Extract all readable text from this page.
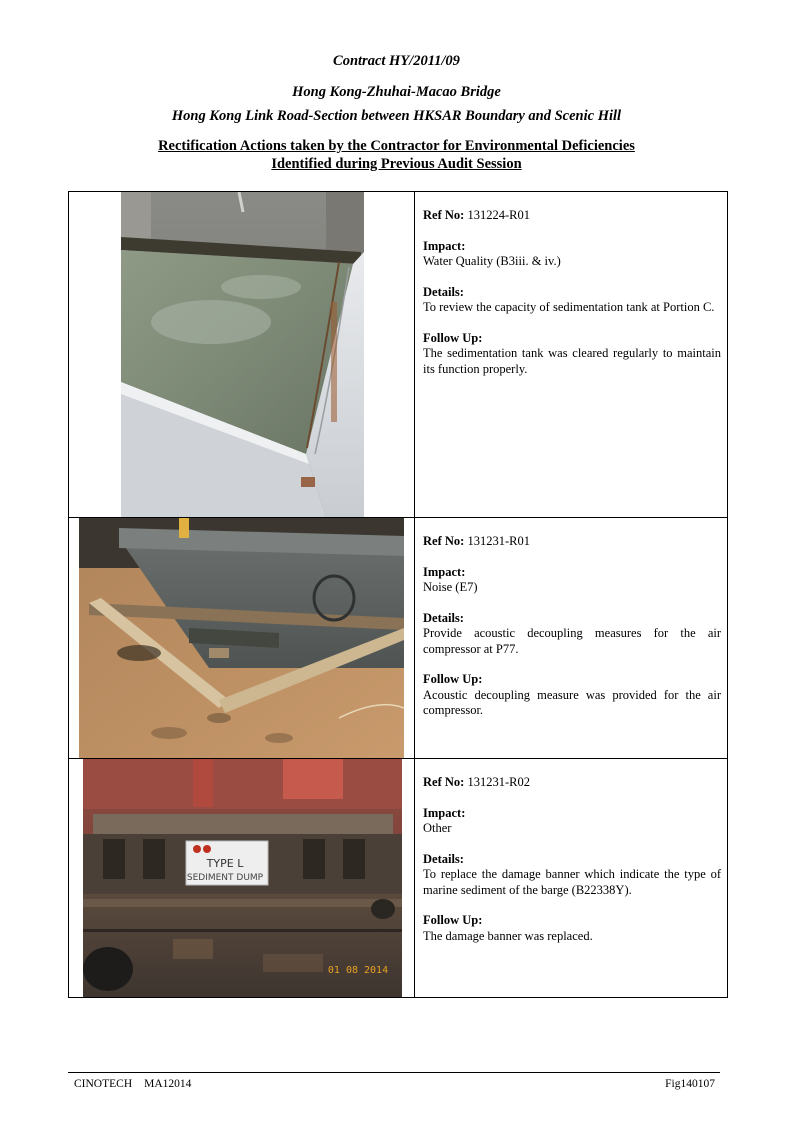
Contract HY/2011/09
Hong Kong-Zhuhai-Macao Bridge
Hong Kong Link Road-Section between HKSAR Boundary and Scenic Hill
Rectification Actions taken by the Contractor for Environmental Deficiencies
Identified during Previous Audit Session
Ref No: 131224-R01
Impact:
Water Quality (B3iii. & iv.)
Details:
To review the capacity of sedimentation tank at Portion C.
Follow Up:
The sedimentation tank was cleared regularly to maintain its function properly.
Ref No: 131231-R01
Impact:
Noise (E7)
Details:
Provide acoustic decoupling measures for the air compressor at P77.
Follow Up:
Acoustic decoupling measure was provided for the air compressor.
TYPE L
SEDIMENT DUMP
01 08 2014
Ref No: 131231-R02
Impact:
Other
Details:
To replace the damage banner which indicate the type of marine sediment of the barge (B22338Y).
Follow Up:
The damage banner was replaced.
CINOTECH MA12014	Fig140107
